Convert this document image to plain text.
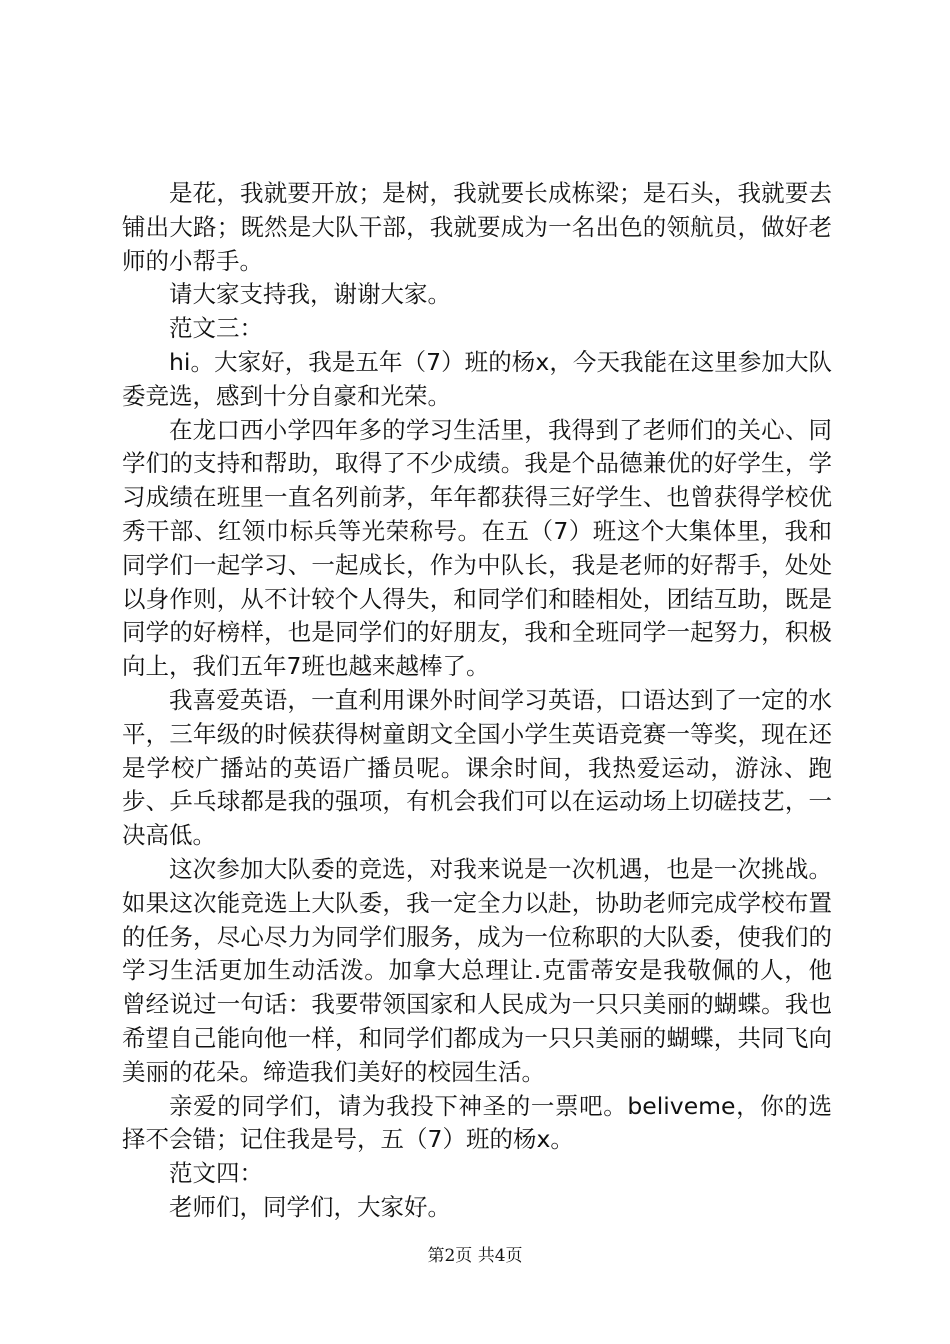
是花，我就要开放；是树，我就要长成栋梁；是石头，我就要去铺出大路；既然是大队干部，我就要成为一名出色的领航员，做好老师的小帮手。

请大家支持我，谢谢大家。

范文三：

hi。大家好，我是五年（7）班的杨x，今天我能在这里参加大队委竞选，感到十分自豪和光荣。

在龙口西小学四年多的学习生活里，我得到了老师们的关心、同学们的支持和帮助，取得了不少成绩。我是个品德兼优的好学生，学习成绩在班里一直名列前茅，年年都获得三好学生、也曾获得学校优秀干部、红领巾标兵等光荣称号。在五（7）班这个大集体里，我和同学们一起学习、一起成长，作为中队长，我是老师的好帮手，处处以身作则，从不计较个人得失，和同学们和睦相处，团结互助，既是同学的好榜样，也是同学们的好朋友，我和全班同学一起努力，积极向上，我们五年7班也越来越棒了。

我喜爱英语，一直利用课外时间学习英语，口语达到了一定的水平，三年级的时候获得树童朗文全国小学生英语竞赛一等奖，现在还是学校广播站的英语广播员呢。课余时间，我热爱运动，游泳、跑步、乒乓球都是我的强项，有机会我们可以在运动场上切磋技艺，一决高低。

这次参加大队委的竞选，对我来说是一次机遇，也是一次挑战。如果这次能竞选上大队委，我一定全力以赴，协助老师完成学校布置的任务，尽心尽力为同学们服务，成为一位称职的大队委，使我们的学习生活更加生动活泼。加拿大总理让.克雷蒂安是我敬佩的人，他曾经说过一句话：我要带领国家和人民成为一只只美丽的蝴蝶。我也希望自己能向他一样，和同学们都成为一只只美丽的蝴蝶，共同飞向美丽的花朵。缔造我们美好的校园生活。

亲爱的同学们，请为我投下神圣的一票吧。beliveme，你的选择不会错；记住我是号，五（7）班的杨x。

范文四：

老师们，同学们，大家好。

第2页 共4页
